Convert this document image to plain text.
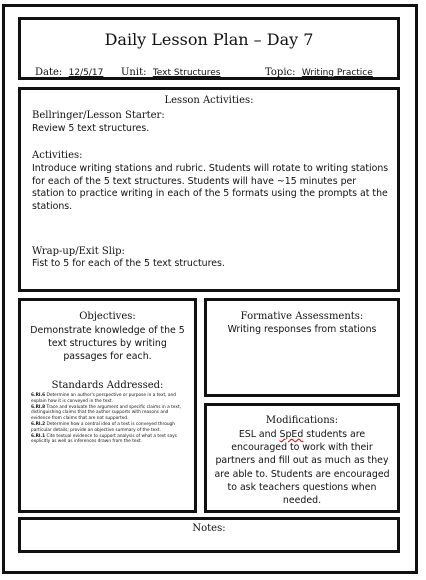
Daily Lesson Plan – Day 7
Date: 12/5/17 Unit: Text Structures	Topic: Writing Practice
Lesson Activities:
Bellringer/Lesson Starter:
Review 5 text structures.
Activities:
Introduce writing stations and rubric. Students will rotate to writing stations for each of the 5 text structures. Students will have ~15 minutes per station to practice writing in each of the 5 formats using the prompts at the stations.
Wrap-up/Exit Slip:
Fist to 5 for each of the 5 text structures.
Objectives:
Demonstrate knowledge of the 5 text structures by writing passages for each.
Standards Addressed:

6.RI.6 Determine an author's perspective or purpose in a text, and explain how it is conveyed in the text.

6.RI.8 Trace and evaluate the argument and specific claims in a text, distinguishing claims that the author supports with reasons and evidence from claims that are not supported.

6.RI.2 Determine how a central idea of a text is conveyed through particular details; provide an objective summary of the text.

6.RI.1 Cite textual evidence to support analysis of what a text says explicitly as well as inferences drawn from the text.

Formative Assessments:
Writing responses from stations
Modifications:
ESL and SpEd students are encouraged to work with their partners and fill out as much as they are able to. Students are encouraged to ask teachers questions when needed.
Notes:
